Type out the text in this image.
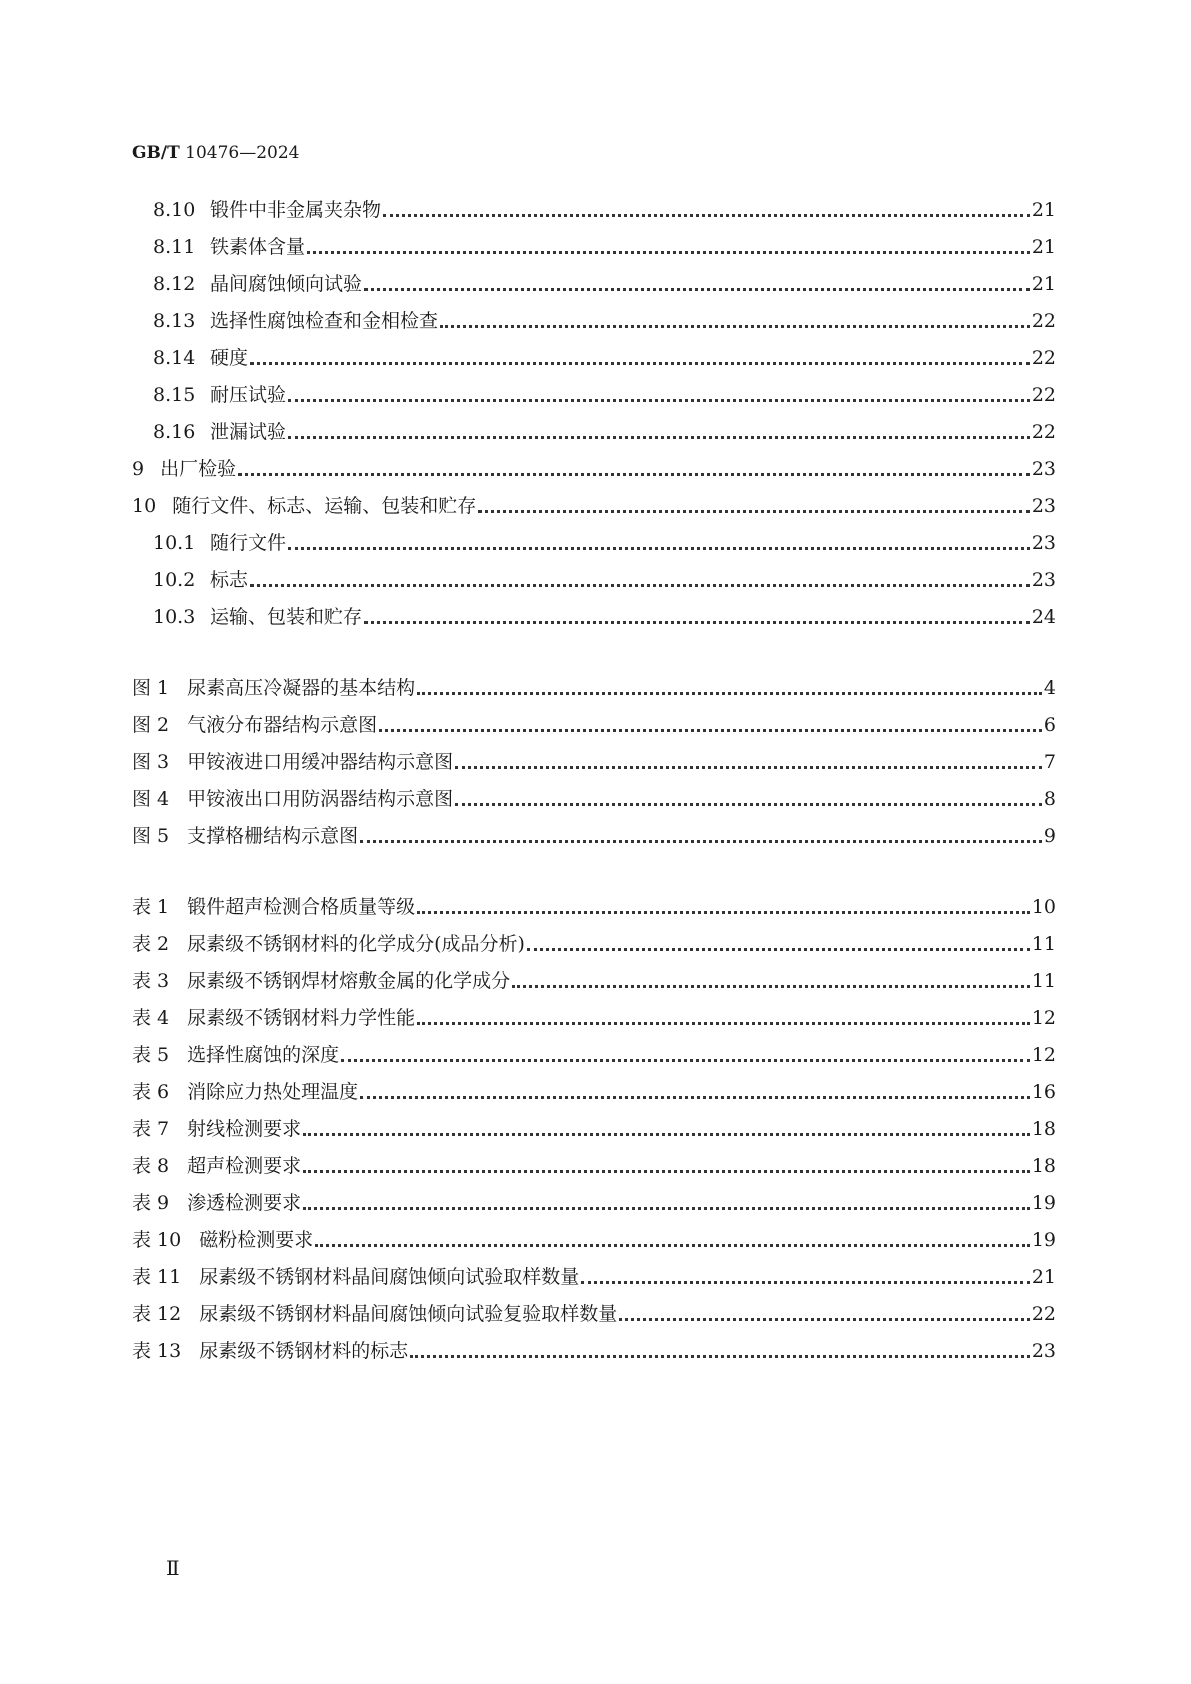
GB/T 10476—2024
8.10 锻件中非金属夹杂物	21
8.11 铁素体含量	21
8.12 晶间腐蚀倾向试验	21
8.13 选择性腐蚀检查和金相检查	22
8.14 硬度	22
8.15 耐压试验	22
8.16 泄漏试验	22
9 出厂检验	23
10 随行文件、标志、运输、包装和贮存	23
10.1 随行文件	23
10.2 标志	23
10.3 运输、包装和贮存	24
图 1 尿素高压冷凝器的基本结构	4
图 2 气液分布器结构示意图	6
图 3 甲铵液进口用缓冲器结构示意图	7
图 4 甲铵液出口用防涡器结构示意图	8
图 5 支撑格栅结构示意图	9
表 1 锻件超声检测合格质量等级	10
表 2 尿素级不锈钢材料的化学成分(成品分析)	11
表 3 尿素级不锈钢焊材熔敷金属的化学成分	11
表 4 尿素级不锈钢材料力学性能	12
表 5 选择性腐蚀的深度	12
表 6 消除应力热处理温度	16
表 7 射线检测要求	18
表 8 超声检测要求	18
表 9 渗透检测要求	19
表 10 磁粉检测要求	19
表 11 尿素级不锈钢材料晶间腐蚀倾向试验取样数量	21
表 12 尿素级不锈钢材料晶间腐蚀倾向试验复验取样数量	22
表 13 尿素级不锈钢材料的标志	23
Ⅱ
